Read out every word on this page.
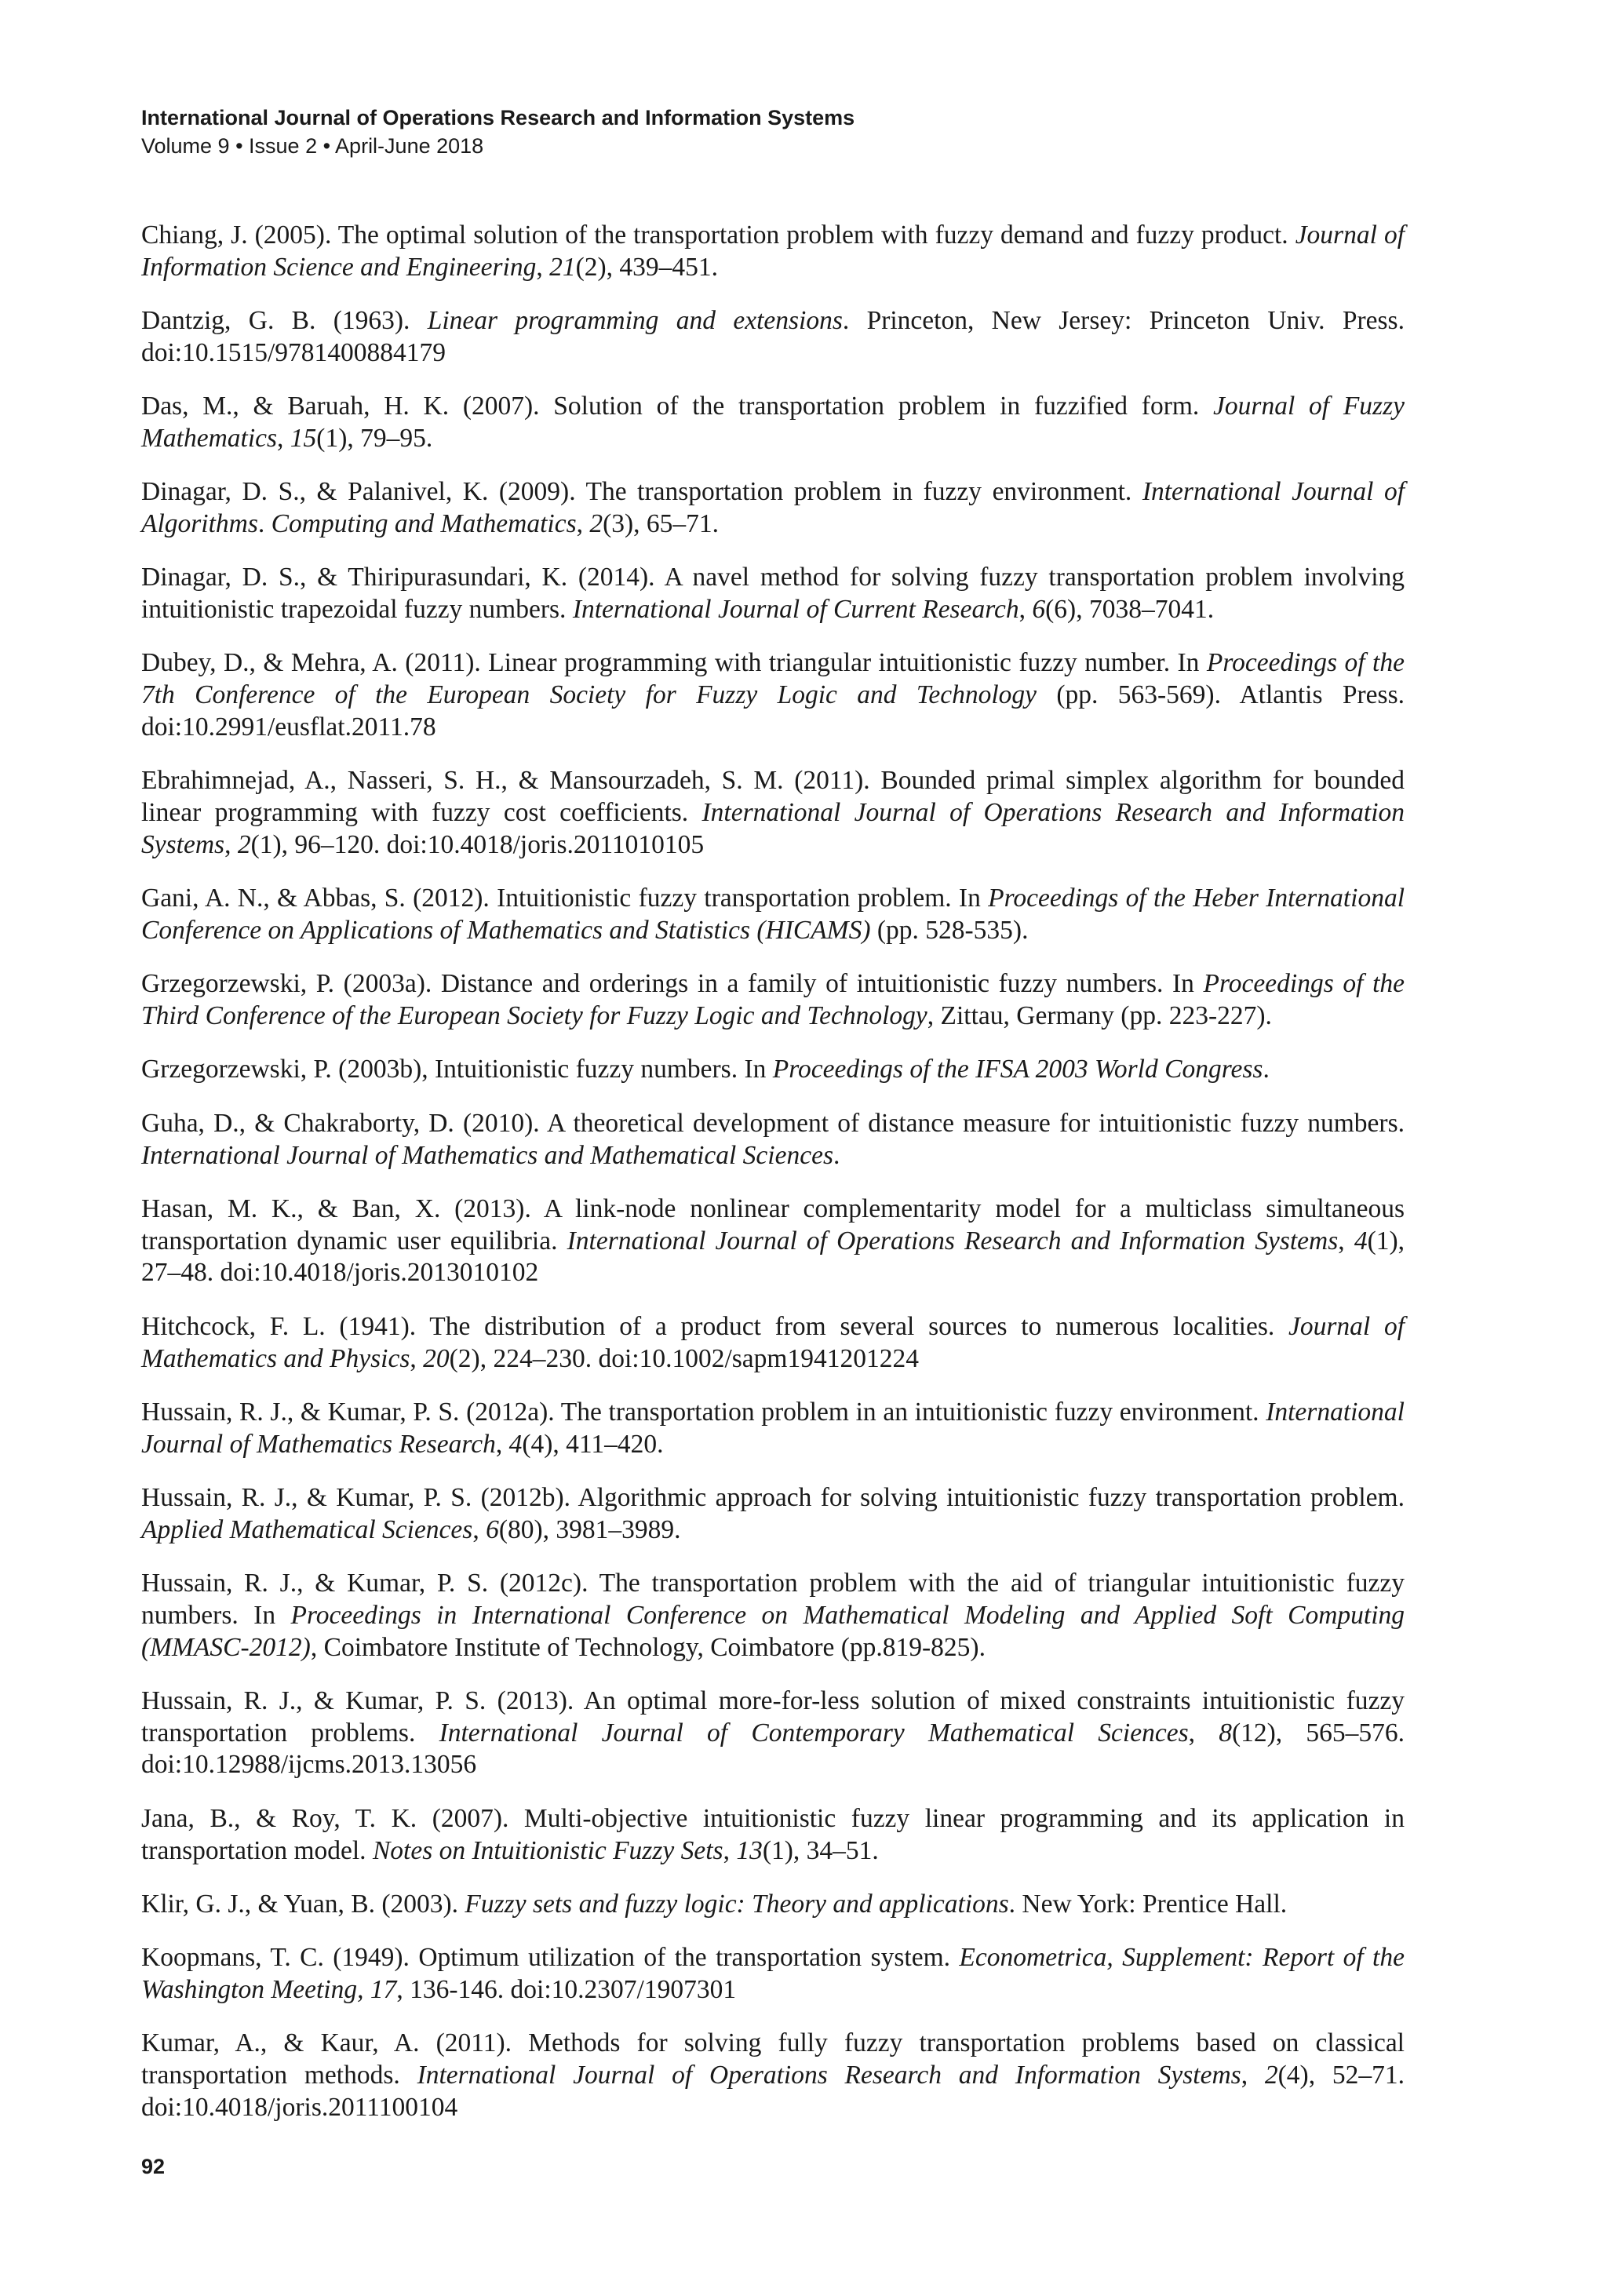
International Journal of Operations Research and Information Systems

Volume 9 • Issue 2 • April-June 2018

Chiang, J. (2005). The optimal solution of the transportation problem with fuzzy demand and fuzzy product. Journal of Information Science and Engineering, 21(2), 439–451.

Dantzig, G. B. (1963). Linear programming and extensions. Princeton, New Jersey: Princeton Univ. Press. doi:10.1515/9781400884179

Das, M., & Baruah, H. K. (2007). Solution of the transportation problem in fuzzified form. Journal of Fuzzy Mathematics, 15(1), 79–95.

Dinagar, D. S., & Palanivel, K. (2009). The transportation problem in fuzzy environment. International Journal of Algorithms. Computing and Mathematics, 2(3), 65–71.

Dinagar, D. S., & Thiripurasundari, K. (2014). A navel method for solving fuzzy transportation problem involving intuitionistic trapezoidal fuzzy numbers. International Journal of Current Research, 6(6), 7038–7041.

Dubey, D., & Mehra, A. (2011). Linear programming with triangular intuitionistic fuzzy number. In Proceedings of the 7th Conference of the European Society for Fuzzy Logic and Technology (pp. 563-569). Atlantis Press. doi:10.2991/eusflat.2011.78

Ebrahimnejad, A., Nasseri, S. H., & Mansourzadeh, S. M. (2011). Bounded primal simplex algorithm for bounded linear programming with fuzzy cost coefficients. International Journal of Operations Research and Information Systems, 2(1), 96–120. doi:10.4018/joris.2011010105

Gani, A. N., & Abbas, S. (2012). Intuitionistic fuzzy transportation problem. In Proceedings of the Heber International Conference on Applications of Mathematics and Statistics (HICAMS) (pp. 528-535).

Grzegorzewski, P. (2003a). Distance and orderings in a family of intuitionistic fuzzy numbers. In Proceedings of the Third Conference of the European Society for Fuzzy Logic and Technology, Zittau, Germany (pp. 223-227).

Grzegorzewski, P. (2003b), Intuitionistic fuzzy numbers. In Proceedings of the IFSA 2003 World Congress.

Guha, D., & Chakraborty, D. (2010). A theoretical development of distance measure for intuitionistic fuzzy numbers. International Journal of Mathematics and Mathematical Sciences.

Hasan, M. K., & Ban, X. (2013). A link-node nonlinear complementarity model for a multiclass simultaneous transportation dynamic user equilibria. International Journal of Operations Research and Information Systems, 4(1), 27–48. doi:10.4018/joris.2013010102

Hitchcock, F. L. (1941). The distribution of a product from several sources to numerous localities. Journal of Mathematics and Physics, 20(2), 224–230. doi:10.1002/sapm1941201224

Hussain, R. J., & Kumar, P. S. (2012a). The transportation problem in an intuitionistic fuzzy environment. International Journal of Mathematics Research, 4(4), 411–420.

Hussain, R. J., & Kumar, P. S. (2012b). Algorithmic approach for solving intuitionistic fuzzy transportation problem. Applied Mathematical Sciences, 6(80), 3981–3989.

Hussain, R. J., & Kumar, P. S. (2012c). The transportation problem with the aid of triangular intuitionistic fuzzy numbers. In Proceedings in International Conference on Mathematical Modeling and Applied Soft Computing (MMASC-2012), Coimbatore Institute of Technology, Coimbatore (pp.819-825).

Hussain, R. J., & Kumar, P. S. (2013). An optimal more-for-less solution of mixed constraints intuitionistic fuzzy transportation problems. International Journal of Contemporary Mathematical Sciences, 8(12), 565–576. doi:10.12988/ijcms.2013.13056

Jana, B., & Roy, T. K. (2007). Multi-objective intuitionistic fuzzy linear programming and its application in transportation model. Notes on Intuitionistic Fuzzy Sets, 13(1), 34–51.

Klir, G. J., & Yuan, B. (2003). Fuzzy sets and fuzzy logic: Theory and applications. New York: Prentice Hall.

Koopmans, T. C. (1949). Optimum utilization of the transportation system. Econometrica, Supplement: Report of the Washington Meeting, 17, 136-146. doi:10.2307/1907301

Kumar, A., & Kaur, A. (2011). Methods for solving fully fuzzy transportation problems based on classical transportation methods. International Journal of Operations Research and Information Systems, 2(4), 52–71. doi:10.4018/joris.2011100104

92
